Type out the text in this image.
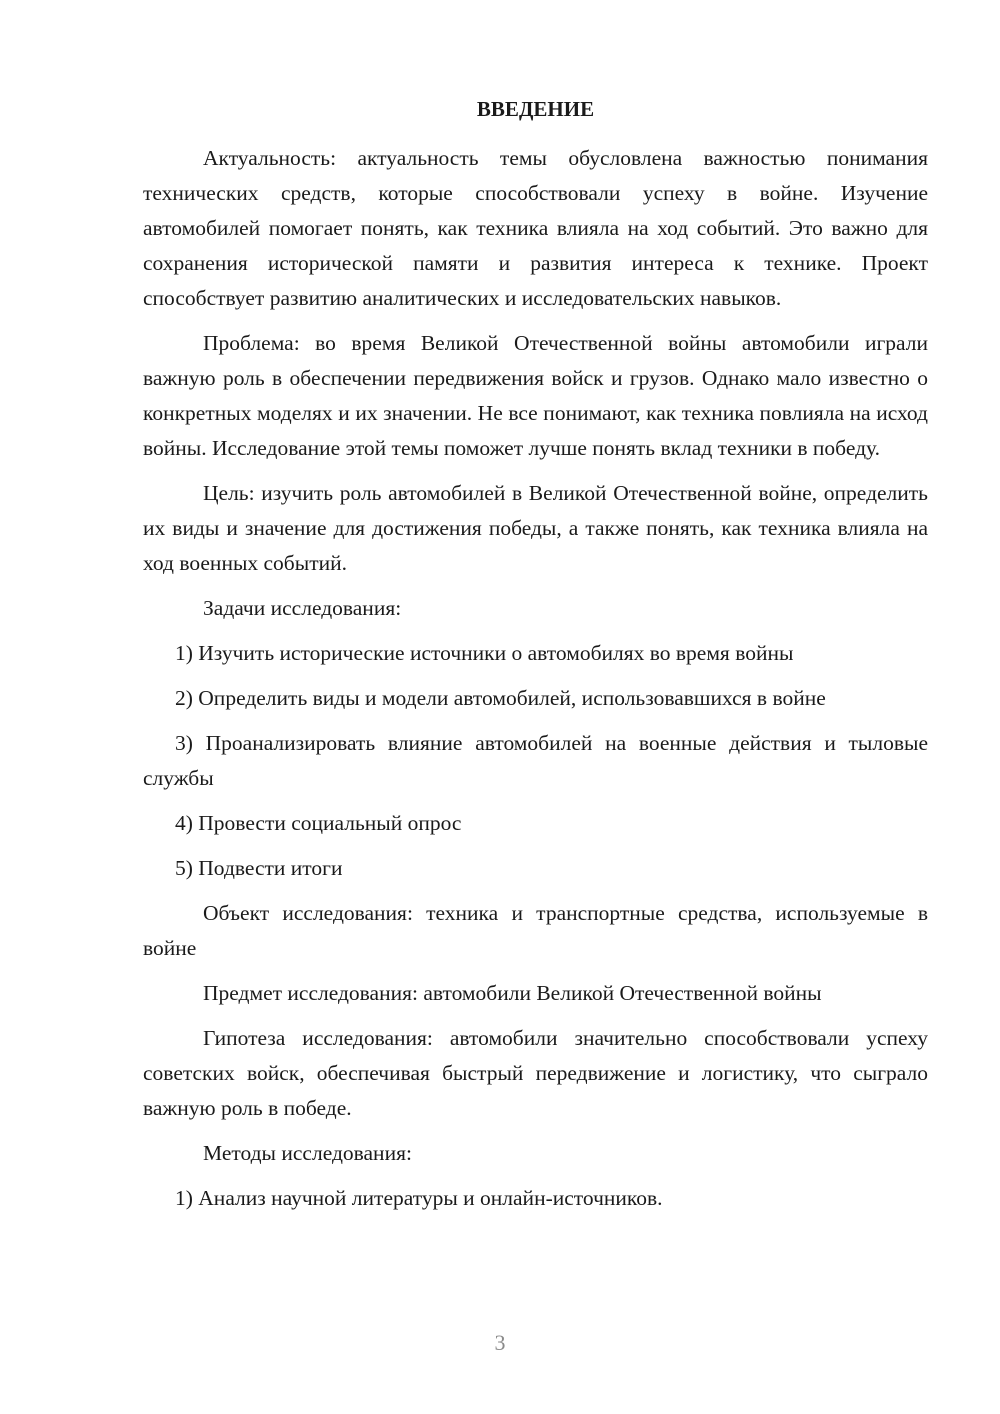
ВВЕДЕНИЕ

Актуальность: актуальность темы обусловлена важностью понимания технических средств, которые способствовали успеху в войне. Изучение автомобилей помогает понять, как техника влияла на ход событий. Это важно для сохранения исторической памяти и развития интереса к технике. Проект способствует развитию аналитических и исследовательских навыков.

Проблема: во время Великой Отечественной войны автомобили играли важную роль в обеспечении передвижения войск и грузов. Однако мало известно о конкретных моделях и их значении. Не все понимают, как техника повлияла на исход войны. Исследование этой темы поможет лучше понять вклад техники в победу.

Цель: изучить роль автомобилей в Великой Отечественной войне, определить их виды и значение для достижения победы, а также понять, как техника влияла на ход военных событий.

Задачи исследования:

1) Изучить исторические источники о автомобилях во время войны

2) Определить виды и модели автомобилей, использовавшихся в войне

3) Проанализировать влияние автомобилей на военные действия и тыловые службы

4) Провести социальный опрос

5) Подвести итоги

Объект исследования: техника и транспортные средства, используемые в войне

Предмет исследования: автомобили Великой Отечественной войны

Гипотеза исследования: автомобили значительно способствовали успеху советских войск, обеспечивая быстрый передвижение и логистику, что сыграло важную роль в победе.

Методы исследования:

1) Анализ научной литературы и онлайн-источников.

3
